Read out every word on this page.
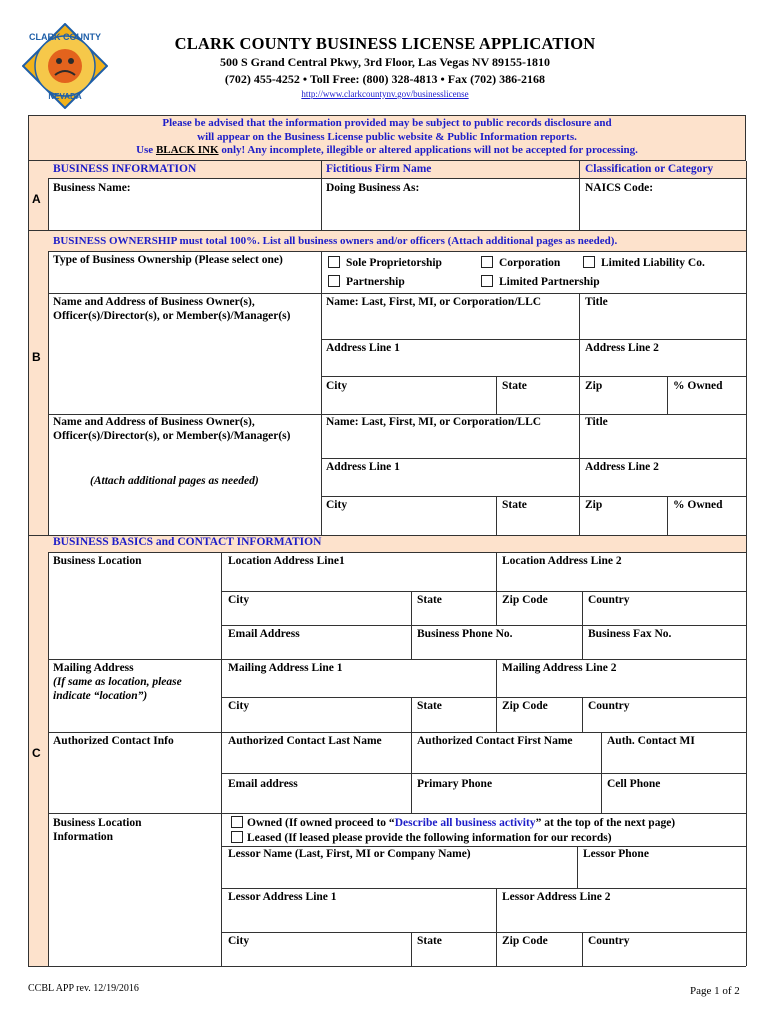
CLARK COUNTY
NEVADA
CLARK COUNTY BUSINESS LICENSE APPLICATION
500 S Grand Central Pkwy, 3rd Floor, Las Vegas NV 89155-1810
(702) 455-4252 • Toll Free: (800) 328-4813 • Fax (702) 386-2168
http://www.clarkcountynv.gov/businesslicense
Please be advised that the information provided may be subject to public records disclosure and
will appear on the Business License public website & Public Information reports.
Use BLACK INK only! Any incomplete, illegible or altered applications will not be accepted for processing.
BUSINESS INFORMATION	Fictitious Firm Name	Classification or Category
A
Business Name:	Doing Business As:	NAICS Code:
BUSINESS OWNERSHIP must total 100%. List all business owners and/or officers (Attach additional pages as needed).
B
Type of Business Ownership (Please select one)	Sole Proprietorship	Corporation	Limited Liability Co.
Partnership	Limited Partnership
Name and Address of Business Owner(s),
Officer(s)/Director(s), or Member(s)/Manager(s)
Name: Last, First, MI, or Corporation/LLC	Title
Address Line 1	Address Line 2
City	State	Zip	% Owned
Name and Address of Business Owner(s),
Officer(s)/Director(s), or Member(s)/Manager(s)
(Attach additional pages as needed)
Name: Last, First, MI, or Corporation/LLC	Title
Address Line 1	Address Line 2
City	State	Zip	% Owned
BUSINESS BASICS and CONTACT INFORMATION
C
Business Location	Location Address Line1	Location Address Line 2
City	State	Zip Code	Country
Email Address	Business Phone No.	Business Fax No.
Mailing Address
(If same as location, please
indicate “location”)
Mailing Address Line 1	Mailing Address Line 2
City	State	Zip Code	Country
Authorized Contact Info	Authorized Contact Last Name	Authorized Contact First Name	Auth. Contact MI
Email address	Primary Phone	Cell Phone
Business Location
Information
Owned (If owned proceed to “Describe all business activity” at the top of the next page)
Leased (If leased please provide the following information for our records)
Lessor Name (Last, First, MI or Company Name)	Lessor Phone
Lessor Address Line 1	Lessor Address Line 2
City	State	Zip Code	Country
CCBL APP rev. 12/19/2016	Page 1 of 2
